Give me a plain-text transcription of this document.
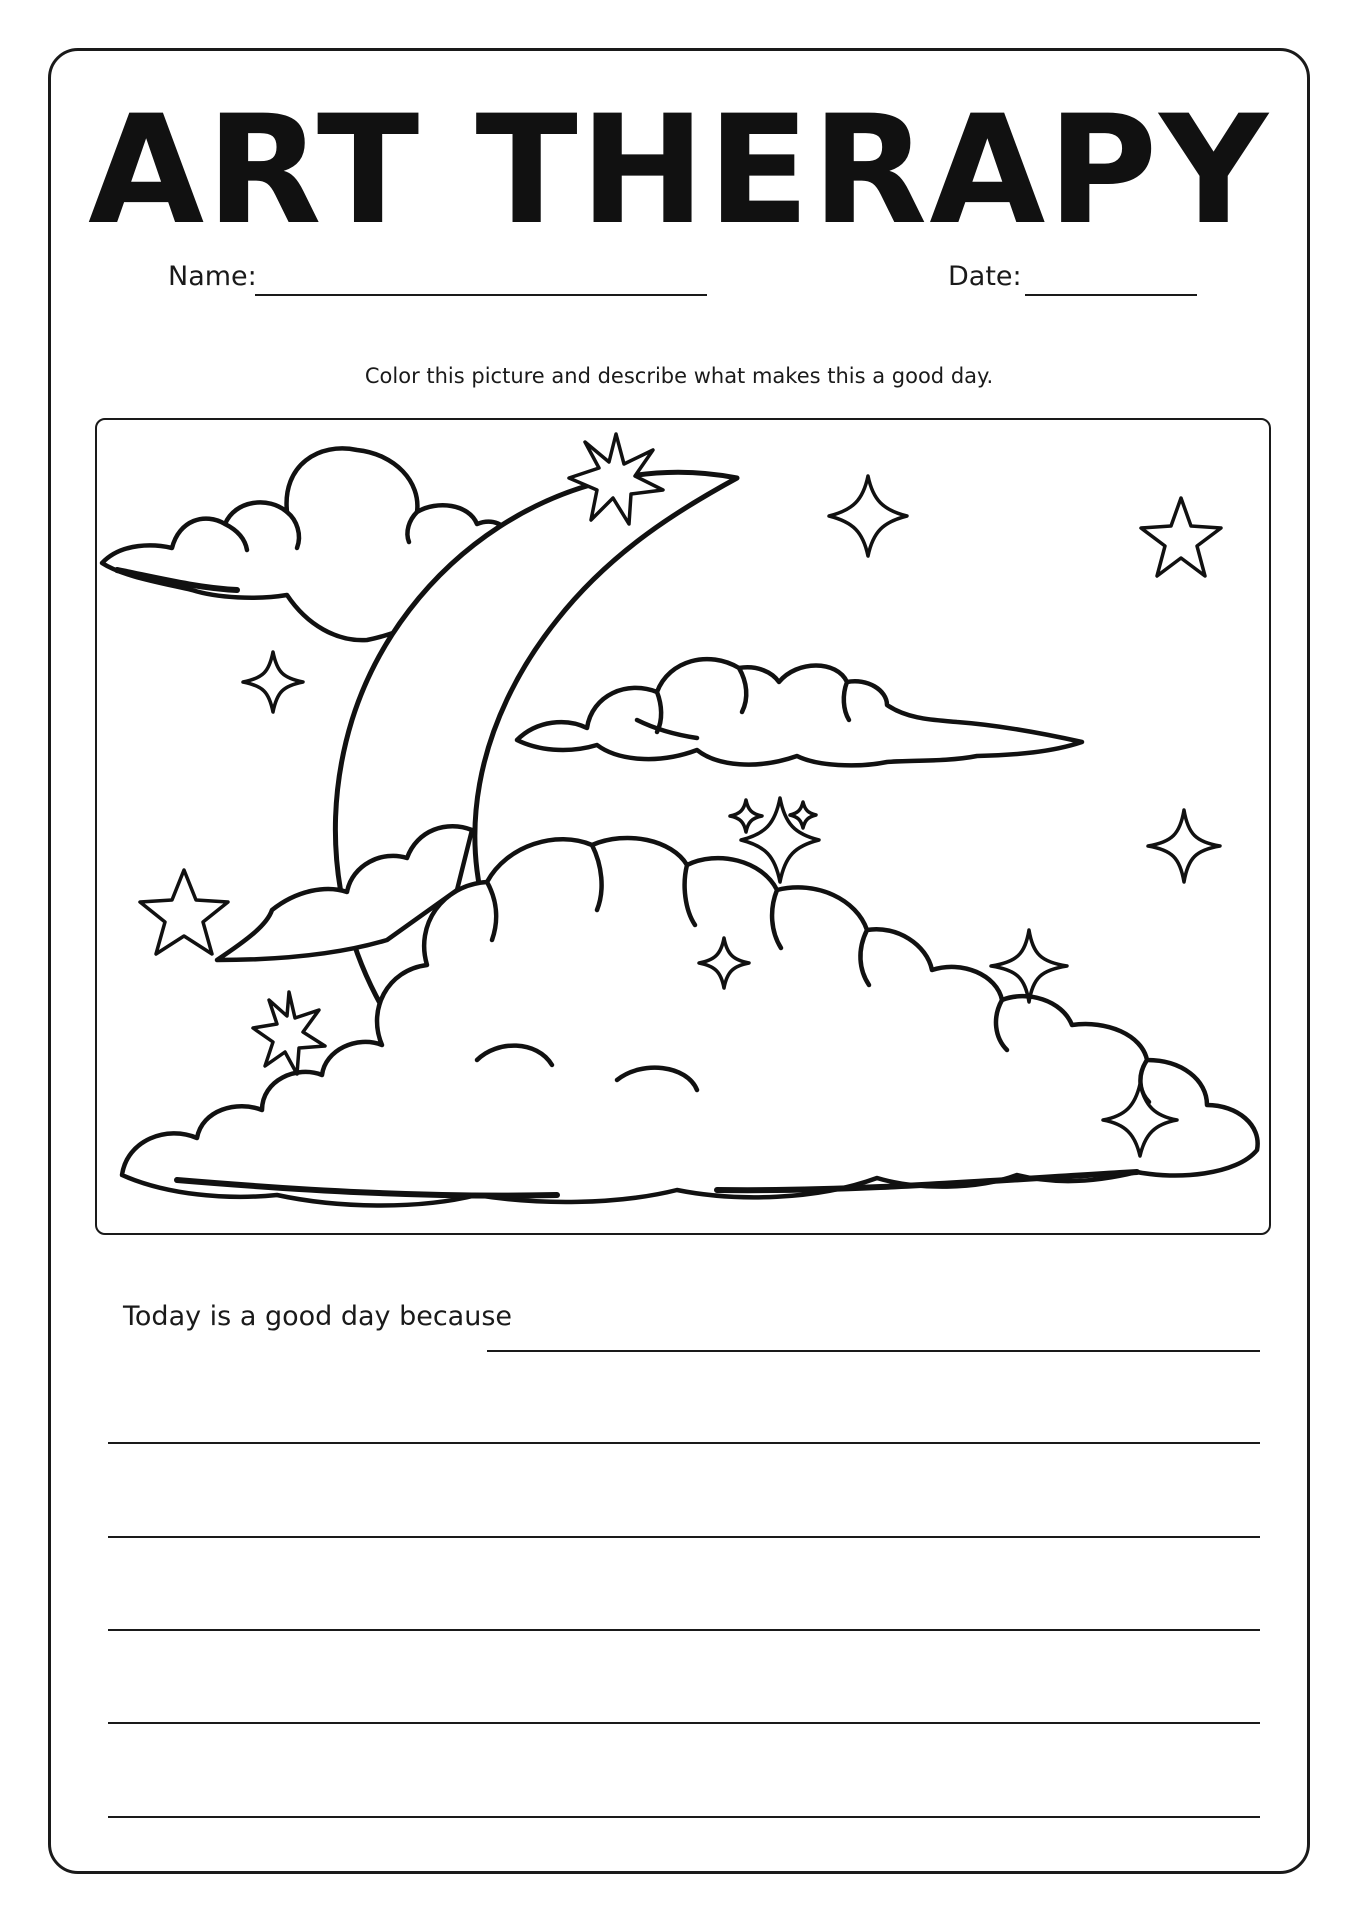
ART THERAPY
Name:	Date:
Color this picture and describe what makes this a good day.
Today is a good day because
